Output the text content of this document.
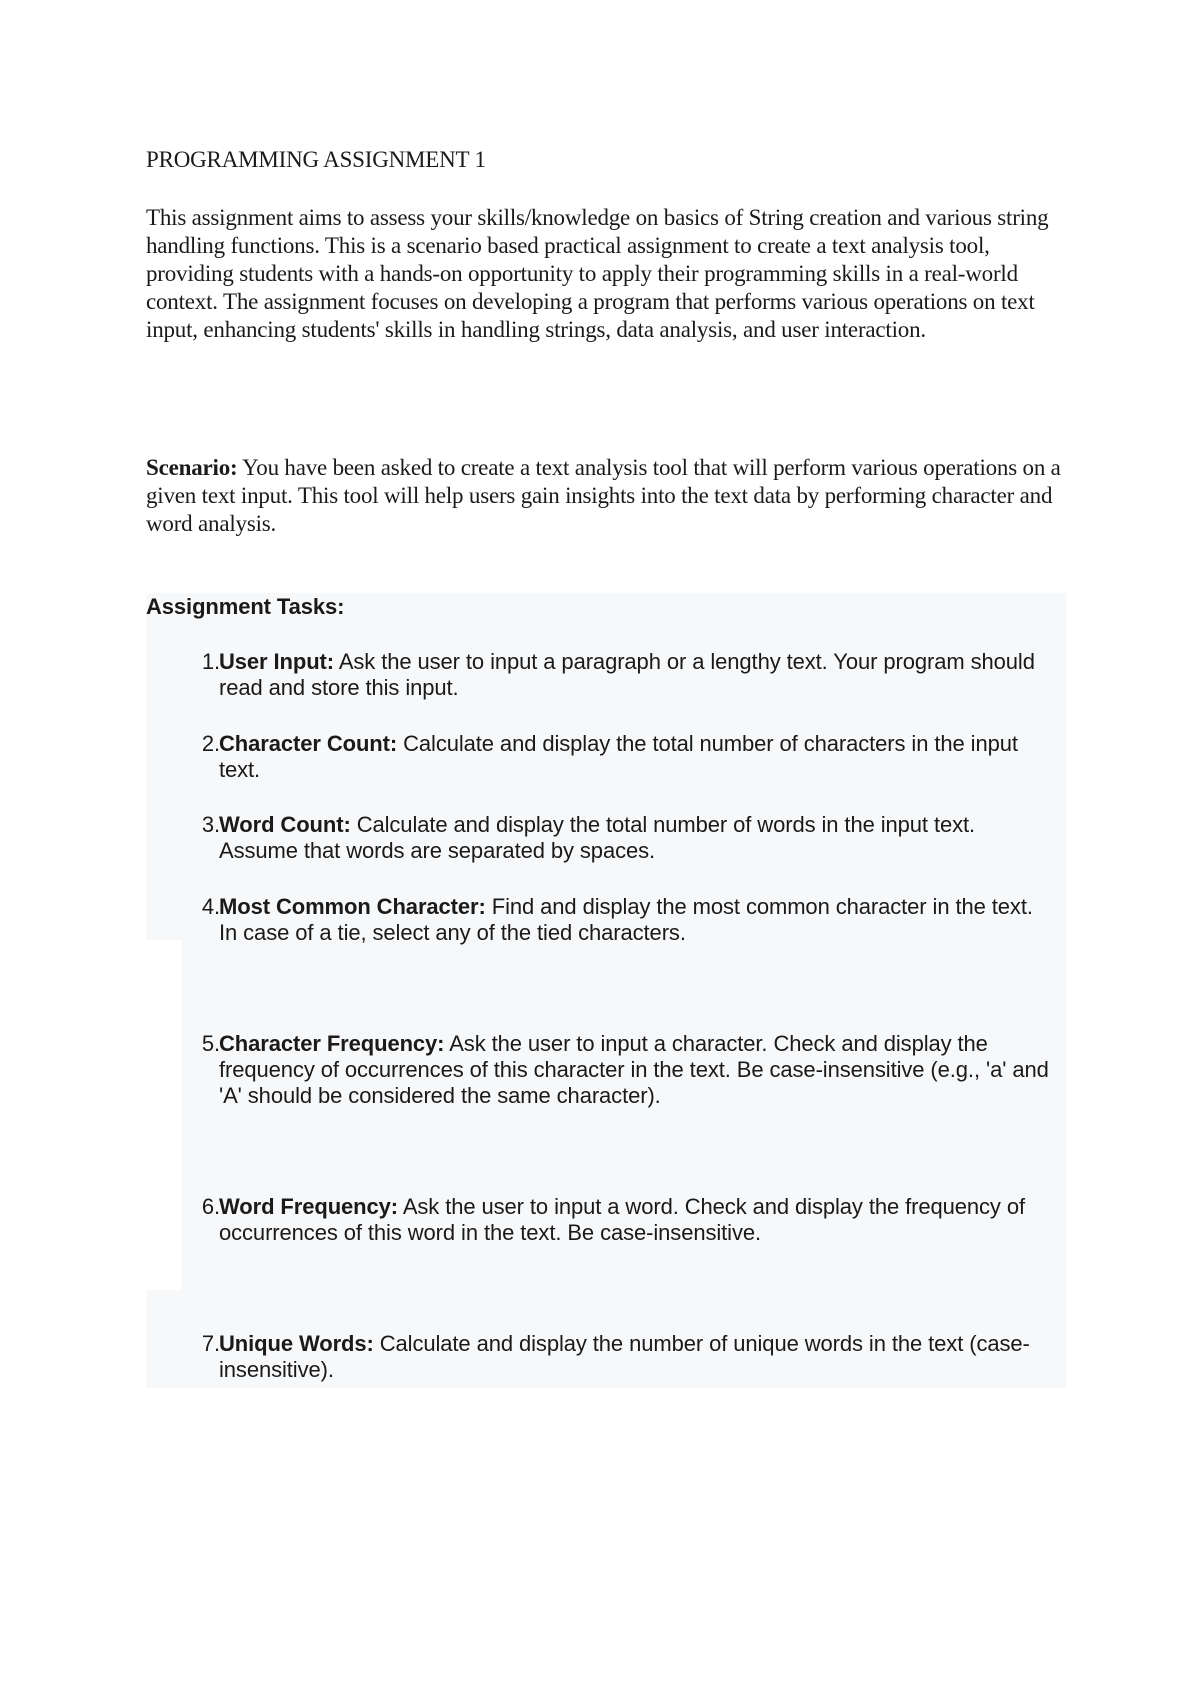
PROGRAMMING ASSIGNMENT 1

This assignment aims to assess your skills/knowledge on basics of String creation and various string handling functions. This is a scenario based practical assignment to create a text analysis tool, providing students with a hands-on opportunity to apply their programming skills in a real-world context. The assignment focuses on developing a program that performs various operations on text input, enhancing students' skills in handling strings, data analysis, and user interaction.

Scenario: You have been asked to create a text analysis tool that will perform various operations on a given text input. This tool will help users gain insights into the text data by performing character and word analysis.

Assignment Tasks:
1. User Input: Ask the user to input a paragraph or a lengthy text. Your program should read and store this input.
2. Character Count: Calculate and display the total number of characters in the input text.
3. Word Count: Calculate and display the total number of words in the input text. Assume that words are separated by spaces.
4. Most Common Character: Find and display the most common character in the text. In case of a tie, select any of the tied characters.
5. Character Frequency: Ask the user to input a character. Check and display the frequency of occurrences of this character in the text. Be case-insensitive (e.g., 'a' and 'A' should be considered the same character).
6. Word Frequency: Ask the user to input a word. Check and display the frequency of occurrences of this word in the text. Be case-insensitive.
7. Unique Words: Calculate and display the number of unique words in the text (case-insensitive).
